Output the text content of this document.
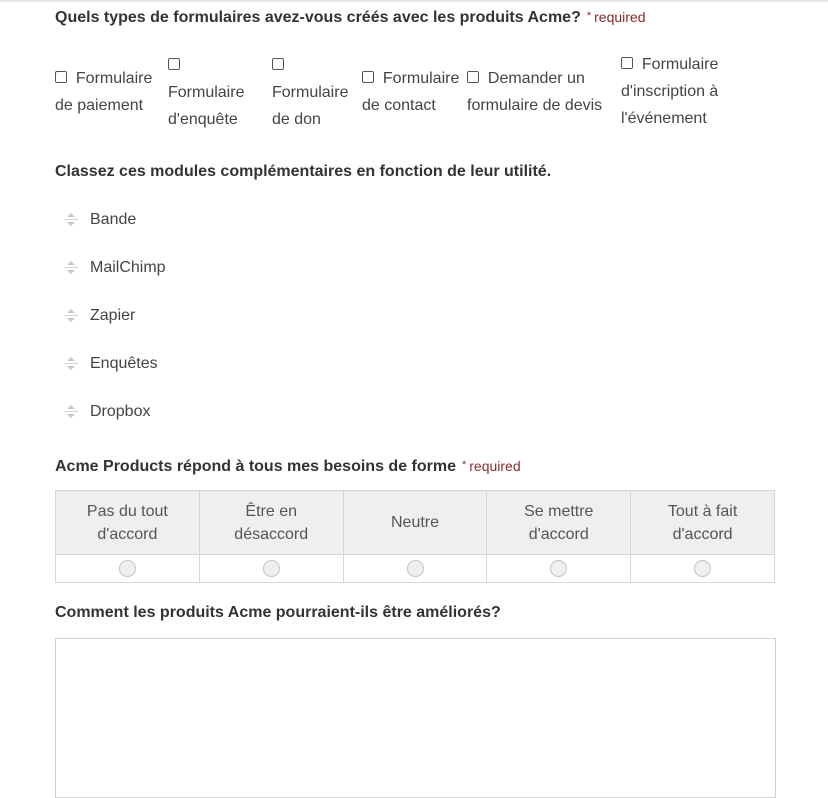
Quels types de formulaires avez-vous créés avec les produits Acme? * required
Formulaire
de paiement

Formulaire
d'enquête

Formulaire
de don
Formulaire
de contact
Demander un
formulaire de devis
Formulaire
d'inscription à
l'événement
Classez ces modules complémentaires en fonction de leur utilité.
Bande
MailChimp
Zapier
Enquêtes
Dropbox
Acme Products répond à tous mes besoins de forme * required
Pas du tout
d'accord	Être en
désaccord	Neutre	Se mettre
d'accord	Tout à fait
d'accord

Comment les produits Acme pourraient-ils être améliorés?
